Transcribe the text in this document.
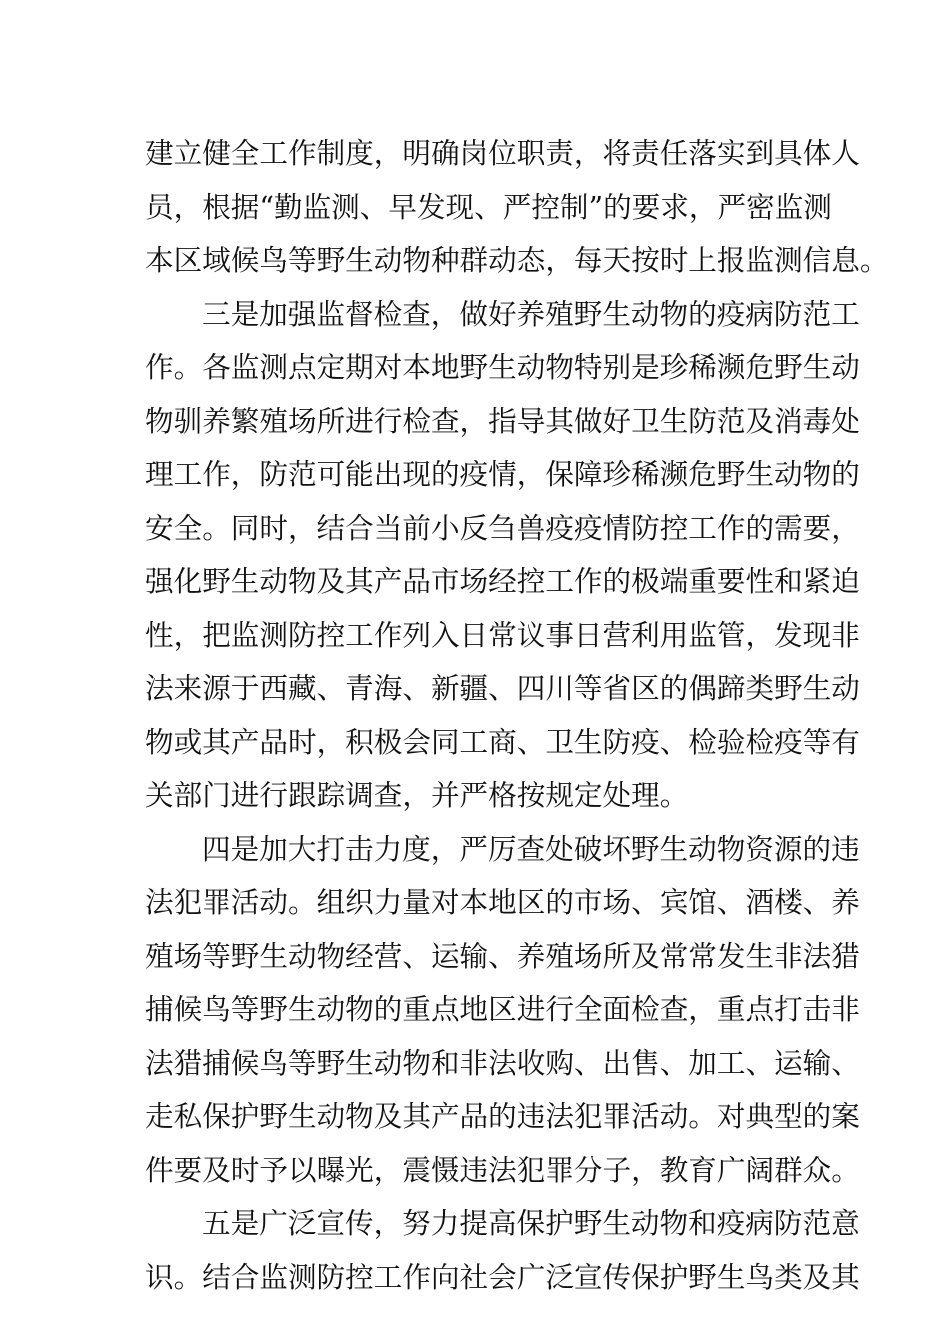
建立健全工作制度，明确岗位职责，将责任落实到具体人
员，根据“勤监测、早发现、严控制”的要求，严密监测
本区域候鸟等野生动物种群动态，每天按时上报监测信息。
三是加强监督检查，做好养殖野生动物的疫病防范工
作。各监测点定期对本地野生动物特别是珍稀濒危野生动
物驯养繁殖场所进行检查，指导其做好卫生防范及消毒处
理工作，防范可能出现的疫情，保障珍稀濒危野生动物的
安全。同时，结合当前小反刍兽疫疫情防控工作的需要，
强化野生动物及其产品市场经控工作的极端重要性和紧迫
性，把监测防控工作列入日常议事日营利用监管，发现非
法来源于西藏、青海、新疆、四川等省区的偶蹄类野生动
物或其产品时，积极会同工商、卫生防疫、检验检疫等有
关部门进行跟踪调查，并严格按规定处理。
四是加大打击力度，严厉查处破坏野生动物资源的违
法犯罪活动。组织力量对本地区的市场、宾馆、酒楼、养
殖场等野生动物经营、运输、养殖场所及常常发生非法猎
捕候鸟等野生动物的重点地区进行全面检查，重点打击非
法猎捕候鸟等野生动物和非法收购、出售、加工、运输、
走私保护野生动物及其产品的违法犯罪活动。对典型的案
件要及时予以曝光，震慑违法犯罪分子，教育广阔群众。
五是广泛宣传，努力提高保护野生动物和疫病防范意
识。结合监测防控工作向社会广泛宣传保护野生鸟类及其
